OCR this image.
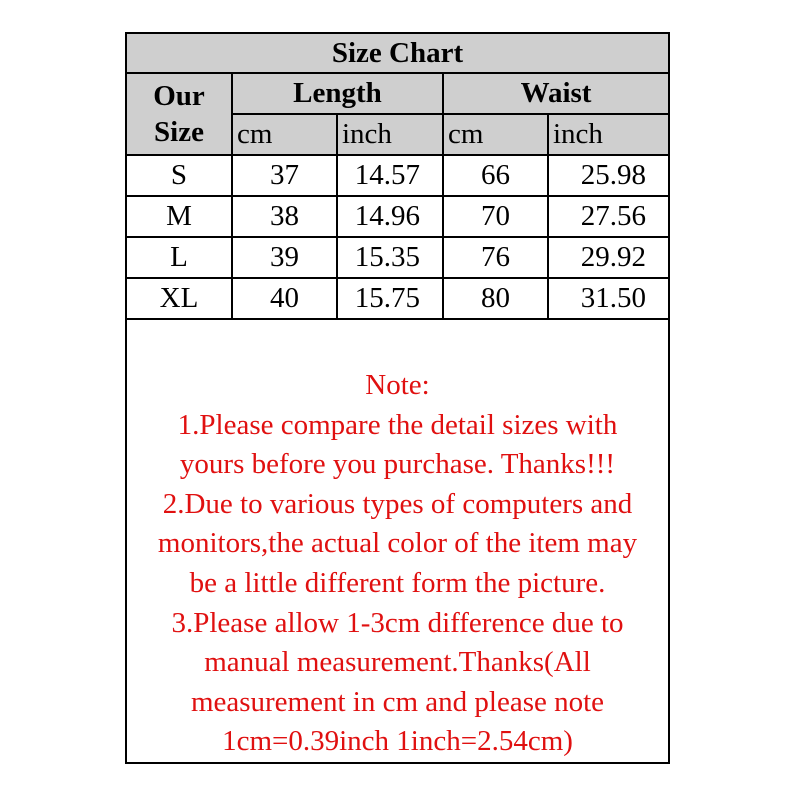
Size Chart				
Our
Size	Length		Waist	
	cm	inch	cm	inch
S	37	14.57	66	25.98
M	38	14.96	70	27.56
L	39	15.35	76	29.92
XL	40	15.75	80	31.50
Note:
1.Please compare the detail sizes with
yours before you purchase. Thanks!!!
2.Due to various types of computers and
monitors,the actual color of the item may
be a little different form the picture.
3.Please allow 1-3cm difference due to
manual measurement.Thanks(All
measurement in cm and please note
1cm=0.39inch 1inch=2.54cm)
